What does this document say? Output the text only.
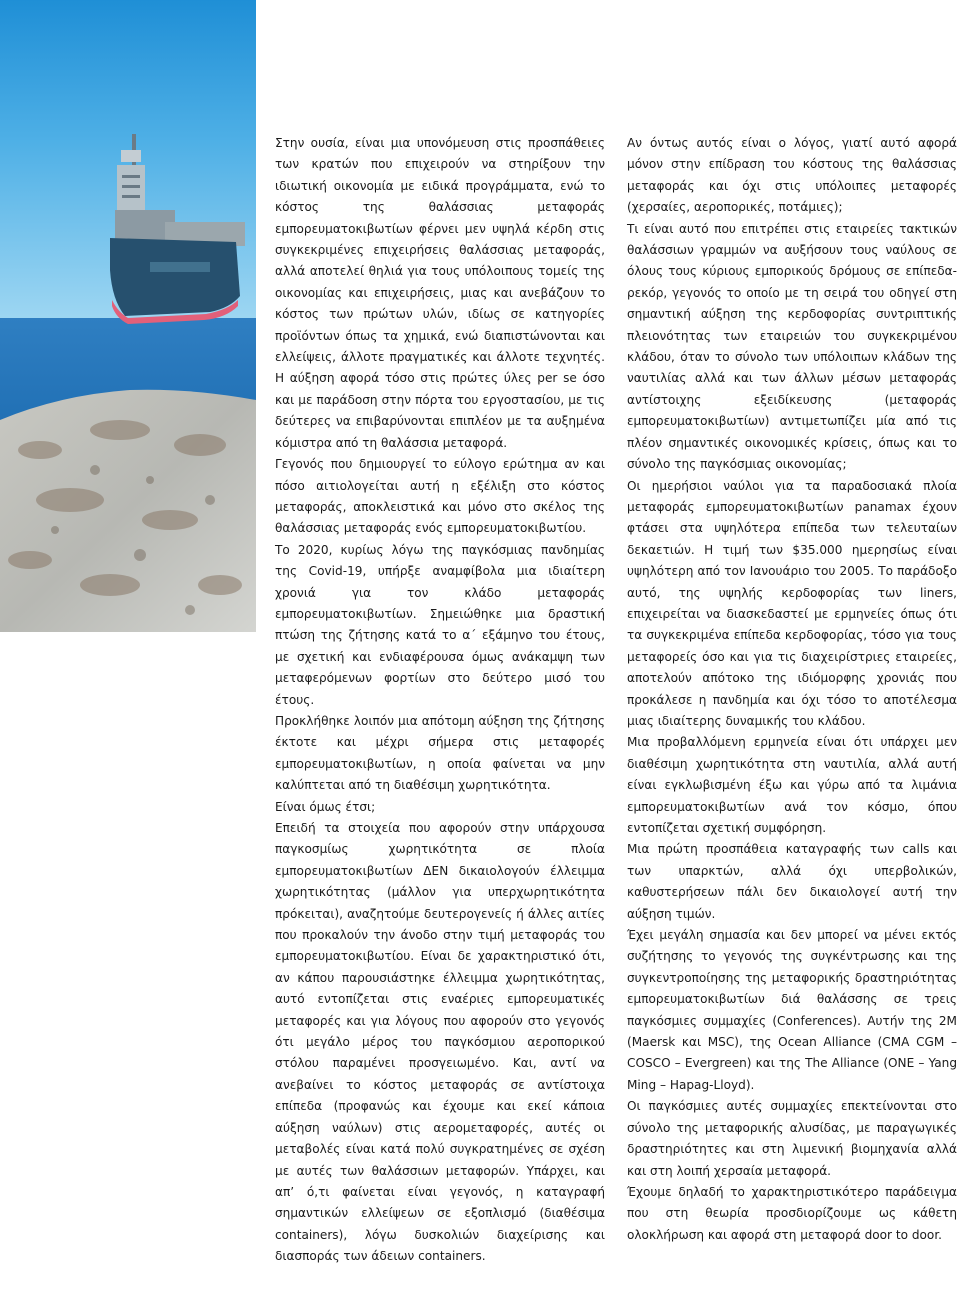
Στην ουσία, είναι μια υπονόμευση στις προσπάθειες των κρατών που επιχειρούν να στηρίξουν την ιδιωτική οικονομία με ειδικά προγράμματα, ενώ το κόστος της θαλάσσιας μεταφοράς εμπορευματοκιβωτίων φέρνει μεν υψηλά κέρδη στις συγκεκριμένες επιχειρήσεις θαλάσσιας μεταφοράς, αλλά αποτελεί θηλιά για τους υπόλοιπους τομείς της οικονομίας και επιχειρήσεις, μιας και ανεβάζουν το κόστος των πρώτων υλών, ιδίως σε κατηγορίες προϊόντων όπως τα χημικά, ενώ διαπιστώνονται και ελλείψεις, άλλοτε πραγματικές και άλλοτε τεχνητές. Η αύξηση αφορά τόσο στις πρώτες ύλες per se όσο και με παράδοση στην πόρτα του εργοστασίου, με τις δεύτερες να επιβαρύνονται επιπλέον με τα αυξημένα κόμιστρα από τη θαλάσσια μεταφορά.

Γεγονός που δημιουργεί το εύλογο ερώτημα αν και πόσο αιτιολογείται αυτή η εξέλιξη στο κόστος μεταφοράς, αποκλειστικά και μόνο στο σκέλος της θαλάσσιας μεταφοράς ενός εμπορευματοκιβωτίου.

Το 2020, κυρίως λόγω της παγκόσμιας πανδημίας της Covid-19, υπήρξε αναμφίβολα μια ιδιαίτερη χρονιά για τον κλάδο μεταφοράς εμπορευματοκιβωτίων. Σημειώθηκε μια δραστική πτώση της ζήτησης κατά το α΄ εξάμηνο του έτους, με σχετική και ενδιαφέρουσα όμως ανάκαμψη των μεταφερόμενων φορτίων στο δεύτερο μισό του έτους.

Προκλήθηκε λοιπόν μια απότομη αύξηση της ζήτησης έκτοτε και μέχρι σήμερα στις μεταφορές εμπορευματοκιβωτίων, η οποία φαίνεται να μην καλύπτεται από τη διαθέσιμη χωρητικότητα.

Είναι όμως έτσι;

Επειδή τα στοιχεία που αφορούν στην υπάρχουσα παγκοσμίως χωρητικότητα σε πλοία εμπορευματοκιβωτίων ΔΕΝ δικαιολογούν έλλειμμα χωρητικότητας (μάλλον για υπερχωρητικότητα πρόκειται), αναζητούμε δευτερογενείς ή άλλες αιτίες που προκαλούν την άνοδο στην τιμή μεταφοράς του εμπορευματοκιβωτίου. Είναι δε χαρακτηριστικό ότι, αν κάπου παρουσιάστηκε έλλειμμα χωρητικότητας, αυτό εντοπίζεται στις εναέριες εμπορευματικές μεταφορές και για λόγους που αφορούν στο γεγονός ότι μεγάλο μέρος του παγκόσμιου αεροπορικού στόλου παραμένει προσγειωμένο. Και, αντί να ανεβαίνει το κόστος μεταφοράς σε αντίστοιχα επίπεδα (προφανώς και έχουμε και εκεί κάποια αύξηση ναύλων) στις αερομεταφορές, αυτές οι μεταβολές είναι κατά πολύ συγκρατημένες σε σχέση με αυτές των θαλάσσιων μεταφορών. Υπάρχει, και απ’ ό,τι φαίνεται είναι γεγονός, η καταγραφή σημαντικών ελλείψεων σε εξοπλισμό (διαθέσιμα containers), λόγω δυσκολιών διαχείρισης και διασποράς των άδειων containers.

Αν όντως αυτός είναι ο λόγος, γιατί αυτό αφορά μόνον στην επίδραση του κόστους της θαλάσσιας μεταφοράς και όχι στις υπόλοιπες μεταφορές (χερσαίες, αεροπορικές, ποτάμιες);

Τι είναι αυτό που επιτρέπει στις εταιρείες τακτικών θαλάσσιων γραμμών να αυξήσουν τους ναύλους σε όλους τους κύριους εμπορικούς δρόμους σε επίπεδα-ρεκόρ, γεγονός το οποίο με τη σειρά του οδηγεί στη σημαντική αύξηση της κερδοφορίας συντριπτικής πλειονότητας των εταιρειών του συγκεκριμένου κλάδου, όταν το σύνολο των υπόλοιπων κλάδων της ναυτιλίας αλλά και των άλλων μέσων μεταφοράς αντίστοιχης εξειδίκευσης (μεταφοράς εμπορευματοκιβωτίων) αντιμετωπίζει μία από τις πλέον σημαντικές οικονομικές κρίσεις, όπως και το σύνολο της παγκόσμιας οικονομίας;

Οι ημερήσιοι ναύλοι για τα παραδοσιακά πλοία μεταφοράς εμπορευματοκιβωτίων panamax έχουν φτάσει στα υψηλότερα επίπεδα των τελευταίων δεκαετιών. Η τιμή των $35.000 ημερησίως είναι υψηλότερη από τον Ιανουάριο του 2005. Το παράδοξο αυτό, της υψηλής κερδοφορίας των liners, επιχειρείται να διασκεδαστεί με ερμηνείες όπως ότι τα συγκεκριμένα επίπεδα κερδοφορίας, τόσο για τους μεταφορείς όσο και για τις διαχειρίστριες εταιρείες, αποτελούν απότοκο της ιδιόμορφης χρονιάς που προκάλεσε η πανδημία και όχι τόσο το αποτέλεσμα μιας ιδιαίτερης δυναμικής του κλάδου.

Μια προβαλλόμενη ερμηνεία είναι ότι υπάρχει μεν διαθέσιμη χωρητικότητα στη ναυτιλία, αλλά αυτή είναι εγκλωβισμένη έξω και γύρω από τα λιμάνια εμπορευματοκιβωτίων ανά τον κόσμο, όπου εντοπίζεται σχετική συμφόρηση.

Μια πρώτη προσπάθεια καταγραφής των calls και των υπαρκτών, αλλά όχι υπερβολικών, καθυστερήσεων πάλι δεν δικαιολογεί αυτή την αύξηση τιμών.

Έχει μεγάλη σημασία και δεν μπορεί να μένει εκτός συζήτησης το γεγονός της συγκέντρωσης και της συγκεντροποίησης της μεταφορικής δραστηριότητας εμπορευματοκιβωτίων διά θαλάσσης σε τρεις παγκόσμιες συμμαχίες (Conferences). Αυτήν της 2M (Maersk και MSC), της Ocean Alliance (CMA CGM – COSCO – Evergreen) και της The Alliance (ONE – Yang Ming – Hapag-Lloyd).

Οι παγκόσμιες αυτές συμμαχίες επεκτείνονται στο σύνολο της μεταφορικής αλυσίδας, με παραγωγικές δραστηριότητες και στη λιμενική βιομηχανία αλλά και στη λοιπή χερσαία μεταφορά.

Έχουμε δηλαδή το χαρακτηριστικότερο παράδειγμα που στη θεωρία προσδιορίζουμε ως κάθετη ολοκλήρωση και αφορά στη μεταφορά door to door.
